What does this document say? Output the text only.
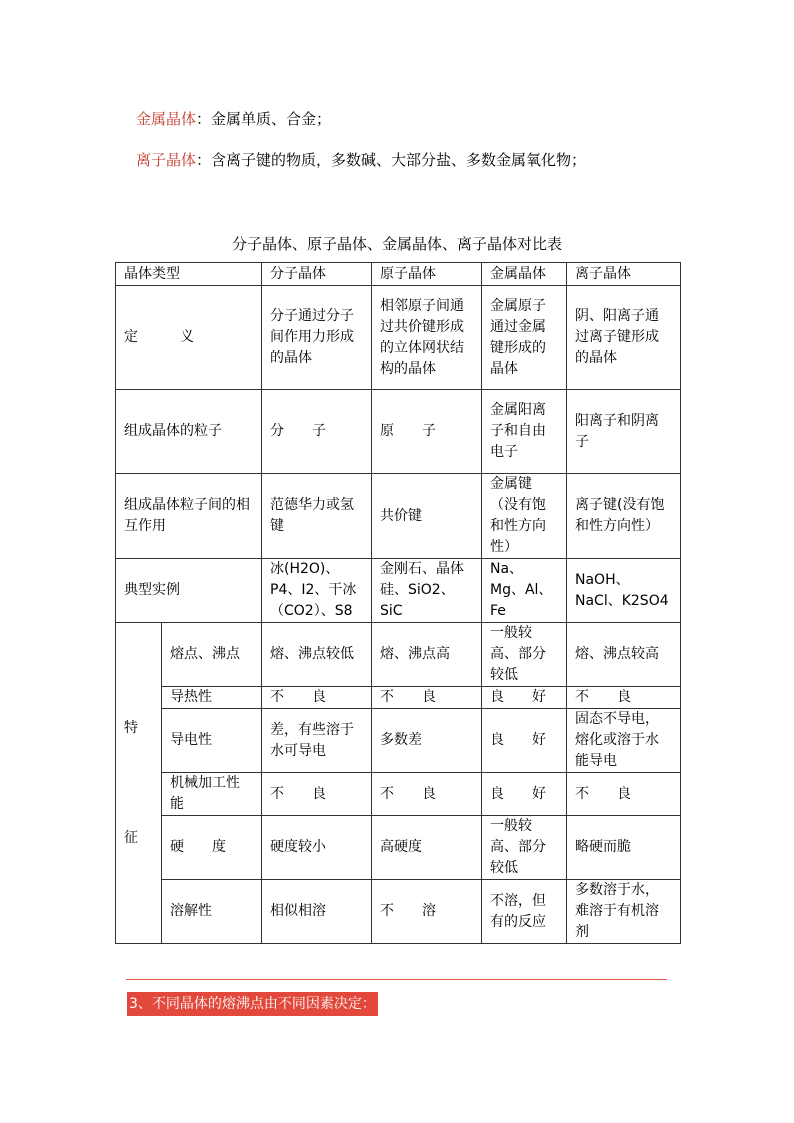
金属晶体：金属单质、合金；
离子晶体：含离子键的物质，多数碱、大部分盐、多数金属氧化物；
分子晶体、原子晶体、金属晶体、离子晶体对比表
晶体类型		分子晶体	原子晶体	金属晶体	离子晶体
定　　　义		分子通过分子间作用力形成的晶体	相邻原子间通过共价键形成的立体网状结构的晶体	金属原子通过金属键形成的晶体	阴、阳离子通过离子键形成的晶体
组成晶体的粒子		分　　子	原　　子	金属阳离子和自由电子	阳离子和阴离子
组成晶体粒子间的相互作用		范德华力或氢键	共价键	金属键（没有饱和性方向性）	离子键(没有饱和性方向性）
典型实例		冰(H2O)、P4、I2、干冰（CO2）、S8	金刚石、晶体硅、SiO2、SiC	Na、Mg、Al、Fe	NaOH、NaCl、K2SO4

特
征	熔点、沸点	熔、沸点较低	熔、沸点高	一般较高、部分较低	熔、沸点较高
	导热性	不　　良	不　　良	良　　好	不　　良
	导电性	差，有些溶于水可导电	多数差	良　　好	固态不导电，熔化或溶于水能导电
	机械加工性能	不　　良	不　　良	良　　好	不　　良
	硬　　度	硬度较小	高硬度	一般较高、部分较低	略硬而脆
	溶解性	相似相溶	不　　溶	不溶，但有的反应	多数溶于水，难溶于有机溶剂
3、不同晶体的熔沸点由不同因素决定：
